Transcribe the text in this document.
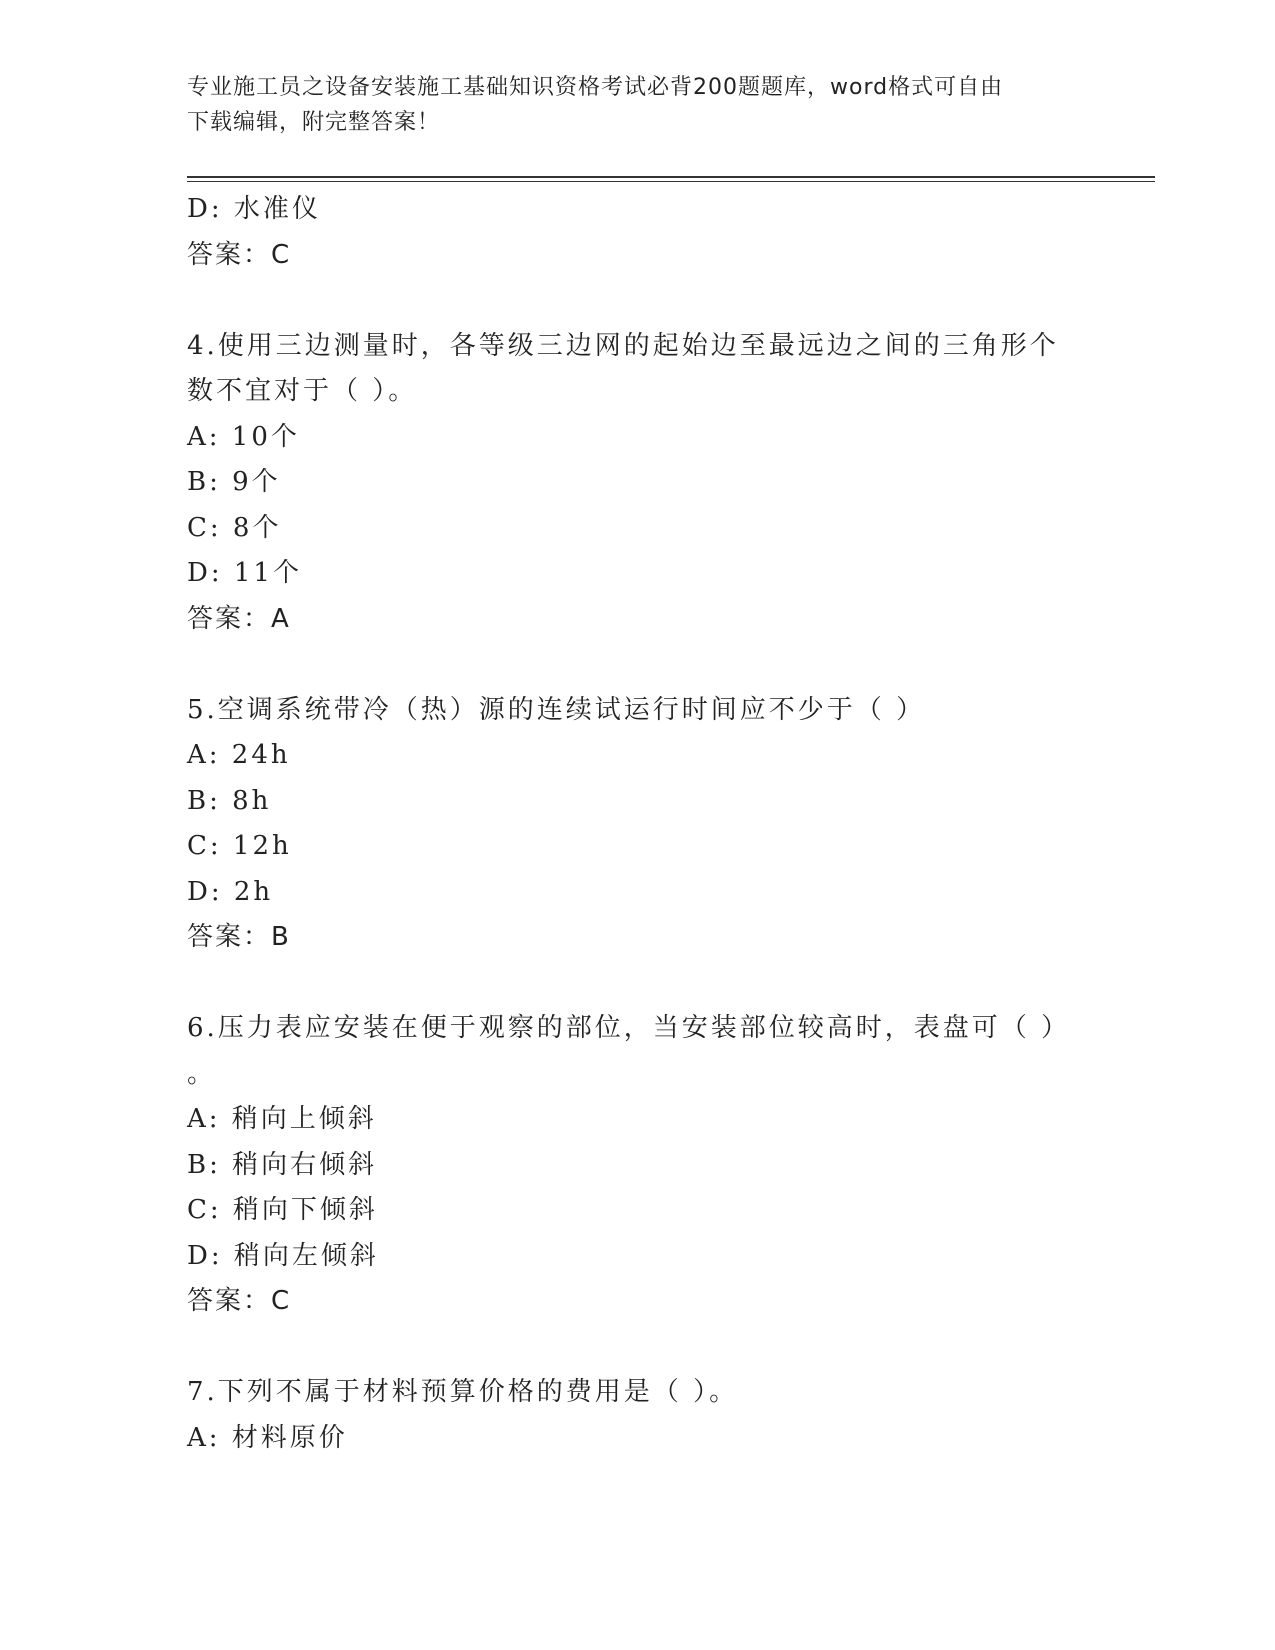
专业施工员之设备安装施工基础知识资格考试必背200题题库，word格式可自由
下载编辑，附完整答案！
D: 水准仪
答案：C
4.使用三边测量时，各等级三边网的起始边至最远边之间的三角形个
数不宜对于（ ）。
A: 10个
B: 9个
C: 8个
D: 11个
答案：A
5.空调系统带冷（热）源的连续试运行时间应不少于（ ）
A: 24h
B: 8h
C: 12h
D: 2h
答案：B
6.压力表应安装在便于观察的部位，当安装部位较高时，表盘可（ ）
。
A: 稍向上倾斜
B: 稍向右倾斜
C: 稍向下倾斜
D: 稍向左倾斜
答案：C
7.下列不属于材料预算价格的费用是（ ）。
A: 材料原价
